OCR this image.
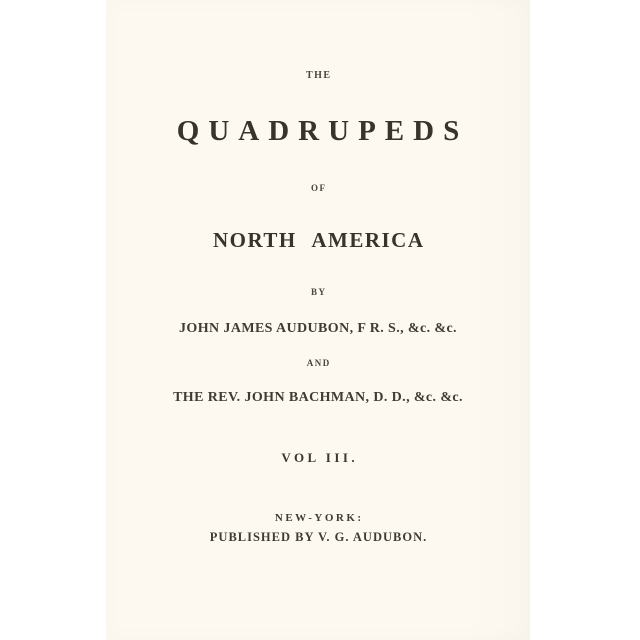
THE
QUADRUPEDS
OF
NORTH AMERICA
BY
JOHN JAMES AUDUBON, F R. S., &c. &c.
AND
THE REV. JOHN BACHMAN, D. D., &c. &c.
VOL III.
NEW-YORK:
PUBLISHED BY V. G. AUDUBON.
